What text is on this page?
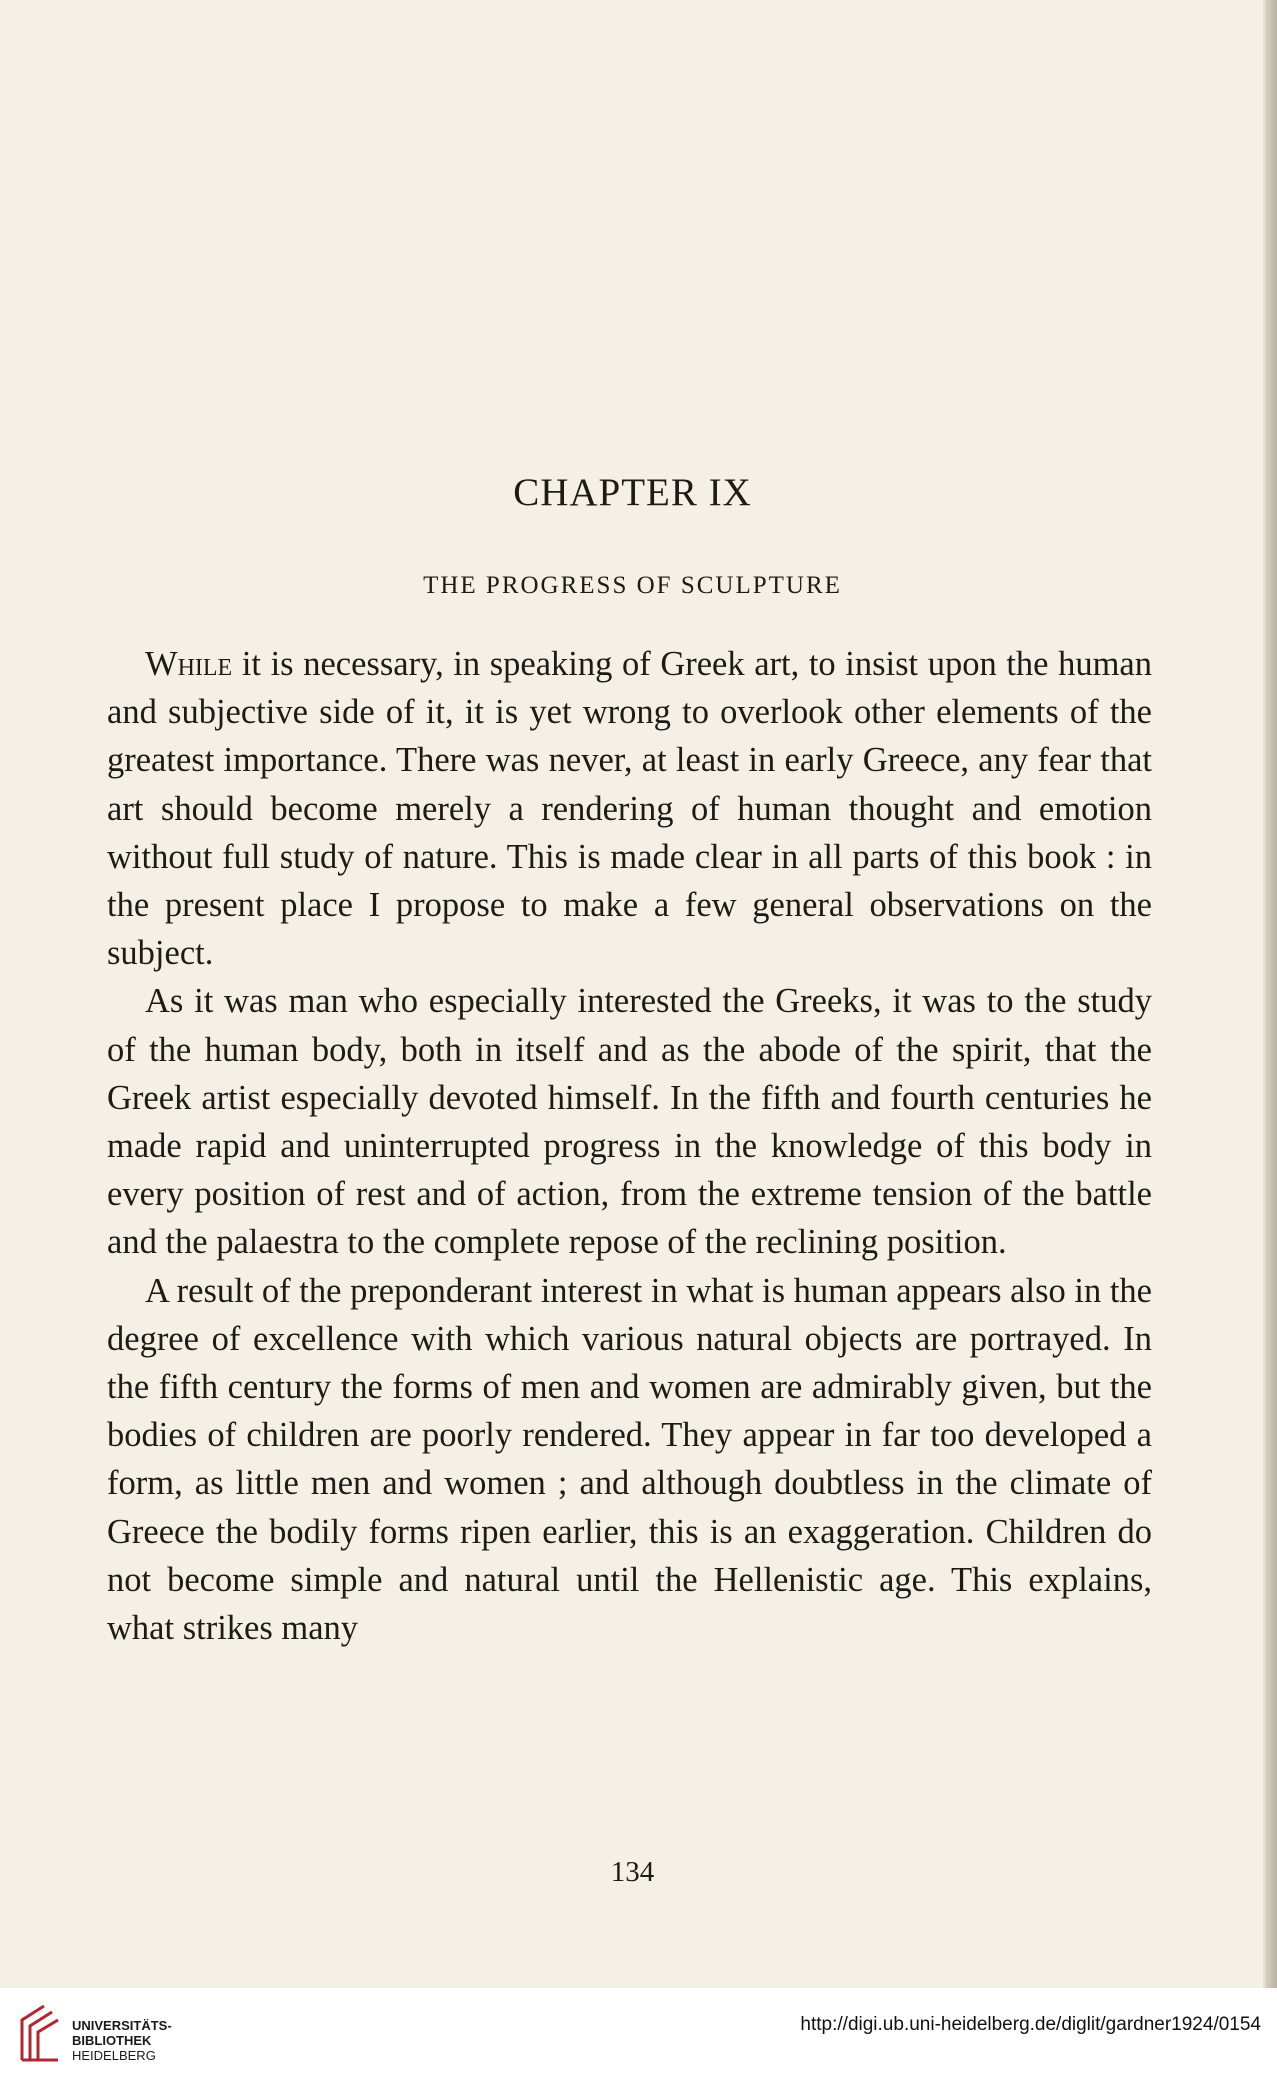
CHAPTER IX
THE PROGRESS OF SCULPTURE

While it is necessary, in speaking of Greek art, to insist upon the human and subjective side of it, it is yet wrong to overlook other elements of the greatest importance. There was never, at least in early Greece, any fear that art should become merely a rendering of human thought and emotion without full study of nature. This is made clear in all parts of this book : in the present place I propose to make a few general observations on the subject.

As it was man who especially interested the Greeks, it was to the study of the human body, both in itself and as the abode of the spirit, that the Greek artist especially devoted himself. In the fifth and fourth centuries he made rapid and uninterrupted progress in the knowledge of this body in every position of rest and of action, from the extreme tension of the battle and the palaestra to the complete repose of the reclining position.

A result of the preponderant interest in what is human appears also in the degree of excellence with which various natural objects are portrayed. In the fifth century the forms of men and women are admirably given, but the bodies of children are poorly rendered. They appear in far too developed a form, as little men and women ; and although doubtless in the climate of Greece the bodily forms ripen earlier, this is an exaggeration. Children do not become simple and natural until the Hellenistic age. This explains, what strikes many

134
UNIVERSITÄTS-
BIBLIOTHEK
HEIDELBERG
http://digi.ub.uni-heidelberg.de/diglit/gardner1924/0154
